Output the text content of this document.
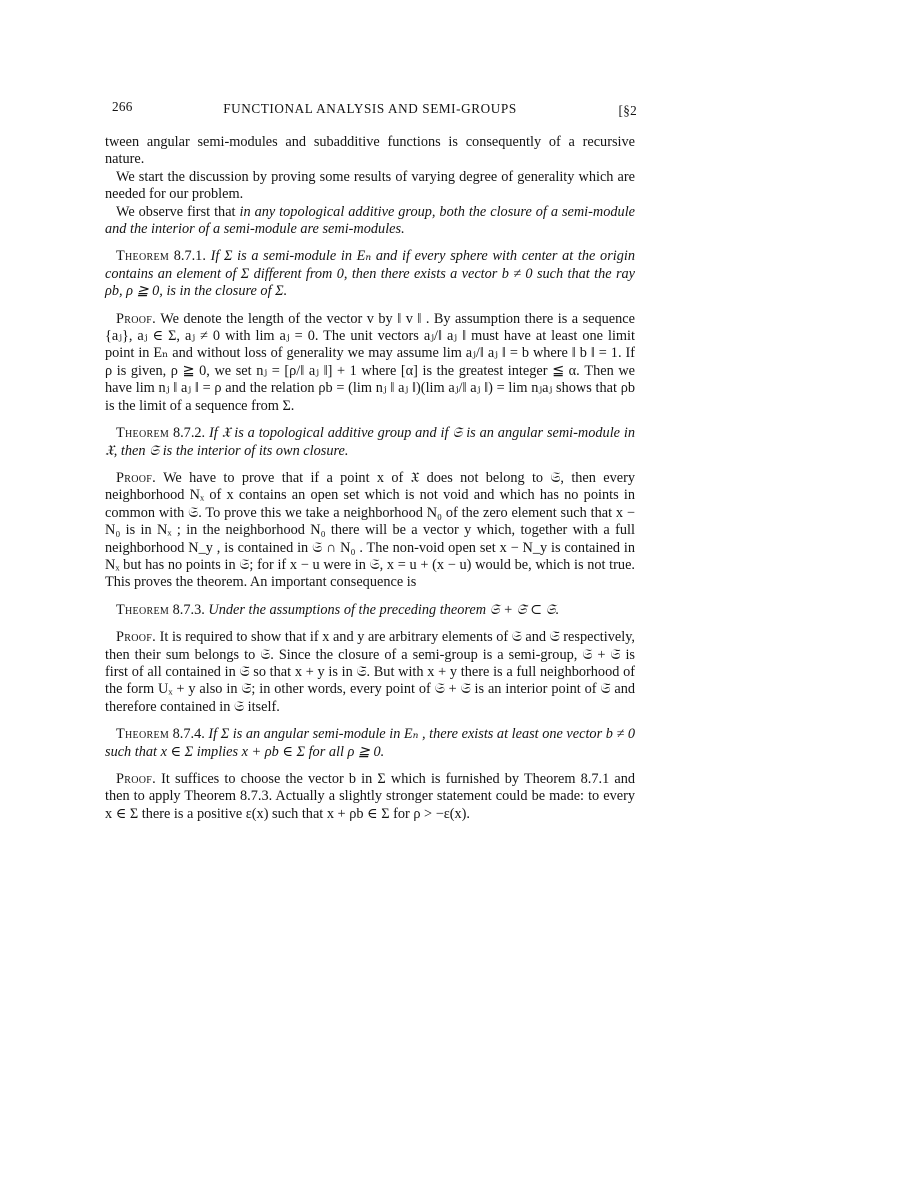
266	FUNCTIONAL ANALYSIS AND SEMI-GROUPS	[§2

tween angular semi-modules and subadditive functions is consequently of a recursive nature.

We start the discussion by proving some results of varying degree of generality which are needed for our problem.

We observe first that in any topological additive group, both the closure of a semi-module and the interior of a semi-module are semi-modules.

Theorem 8.7.1. If Σ is a semi-module in Eₙ and if every sphere with center at the origin contains an element of Σ different from 0, then there exists a vector b ≠ 0 such that the ray ρb, ρ ≧ 0, is in the closure of Σ.

Proof. We denote the length of the vector v by ‖ v ‖ . By assumption there is a sequence {aⱼ}, aⱼ ∈ Σ, aⱼ ≠ 0 with lim aⱼ = 0. The unit vectors aⱼ/‖ aⱼ ‖ must have at least one limit point in Eₙ and without loss of generality we may assume lim aⱼ/‖ aⱼ ‖ = b where ‖ b ‖ = 1. If ρ is given, ρ ≧ 0, we set nⱼ = [ρ/‖ aⱼ ‖] + 1 where [α] is the greatest integer ≦ α. Then we have lim nⱼ ‖ aⱼ ‖ = ρ and the relation ρb = (lim nⱼ ‖ aⱼ ‖)(lim aⱼ/‖ aⱼ ‖) = lim nⱼaⱼ shows that ρb is the limit of a sequence from Σ.

Theorem 8.7.2. If 𝔛 is a topological additive group and if 𝔖 is an angular semi-module in 𝔛, then 𝔖 is the interior of its own closure.

Proof. We have to prove that if a point x of 𝔛 does not belong to 𝔖, then every neighborhood Nₓ of x contains an open set which is not void and which has no points in common with 𝔖. To prove this we take a neighborhood N₀ of the zero element such that x − N₀ is in Nₓ ; in the neighborhood N₀ there will be a vector y which, together with a full neighborhood N_y , is contained in 𝔖 ∩ N₀ . The non-void open set x − N_y is contained in Nₓ but has no points in 𝔖; for if x − u were in 𝔖, x = u + (x − u) would be, which is not true. This proves the theorem. An important consequence is

Theorem 8.7.3. Under the assumptions of the preceding theorem 𝔖 + 𝔖̄ ⊂ 𝔖.

Proof. It is required to show that if x and y are arbitrary elements of 𝔖 and 𝔖̄ respectively, then their sum belongs to 𝔖. Since the closure of a semi-group is a semi-group, 𝔖 + 𝔖̄ is first of all contained in 𝔖̄ so that x + y is in 𝔖̄. But with x + y there is a full neighborhood of the form Uₓ + y also in 𝔖̄; in other words, every point of 𝔖 + 𝔖̄ is an interior point of 𝔖̄ and therefore contained in 𝔖 itself.

Theorem 8.7.4. If Σ is an angular semi-module in Eₙ , there exists at least one vector b ≠ 0 such that x ∈ Σ implies x + ρb ∈ Σ for all ρ ≧ 0.

Proof. It suffices to choose the vector b in Σ which is furnished by Theorem 8.7.1 and then to apply Theorem 8.7.3. Actually a slightly stronger statement could be made: to every x ∈ Σ there is a positive ε(x) such that x + ρb ∈ Σ for ρ > −ε(x).
